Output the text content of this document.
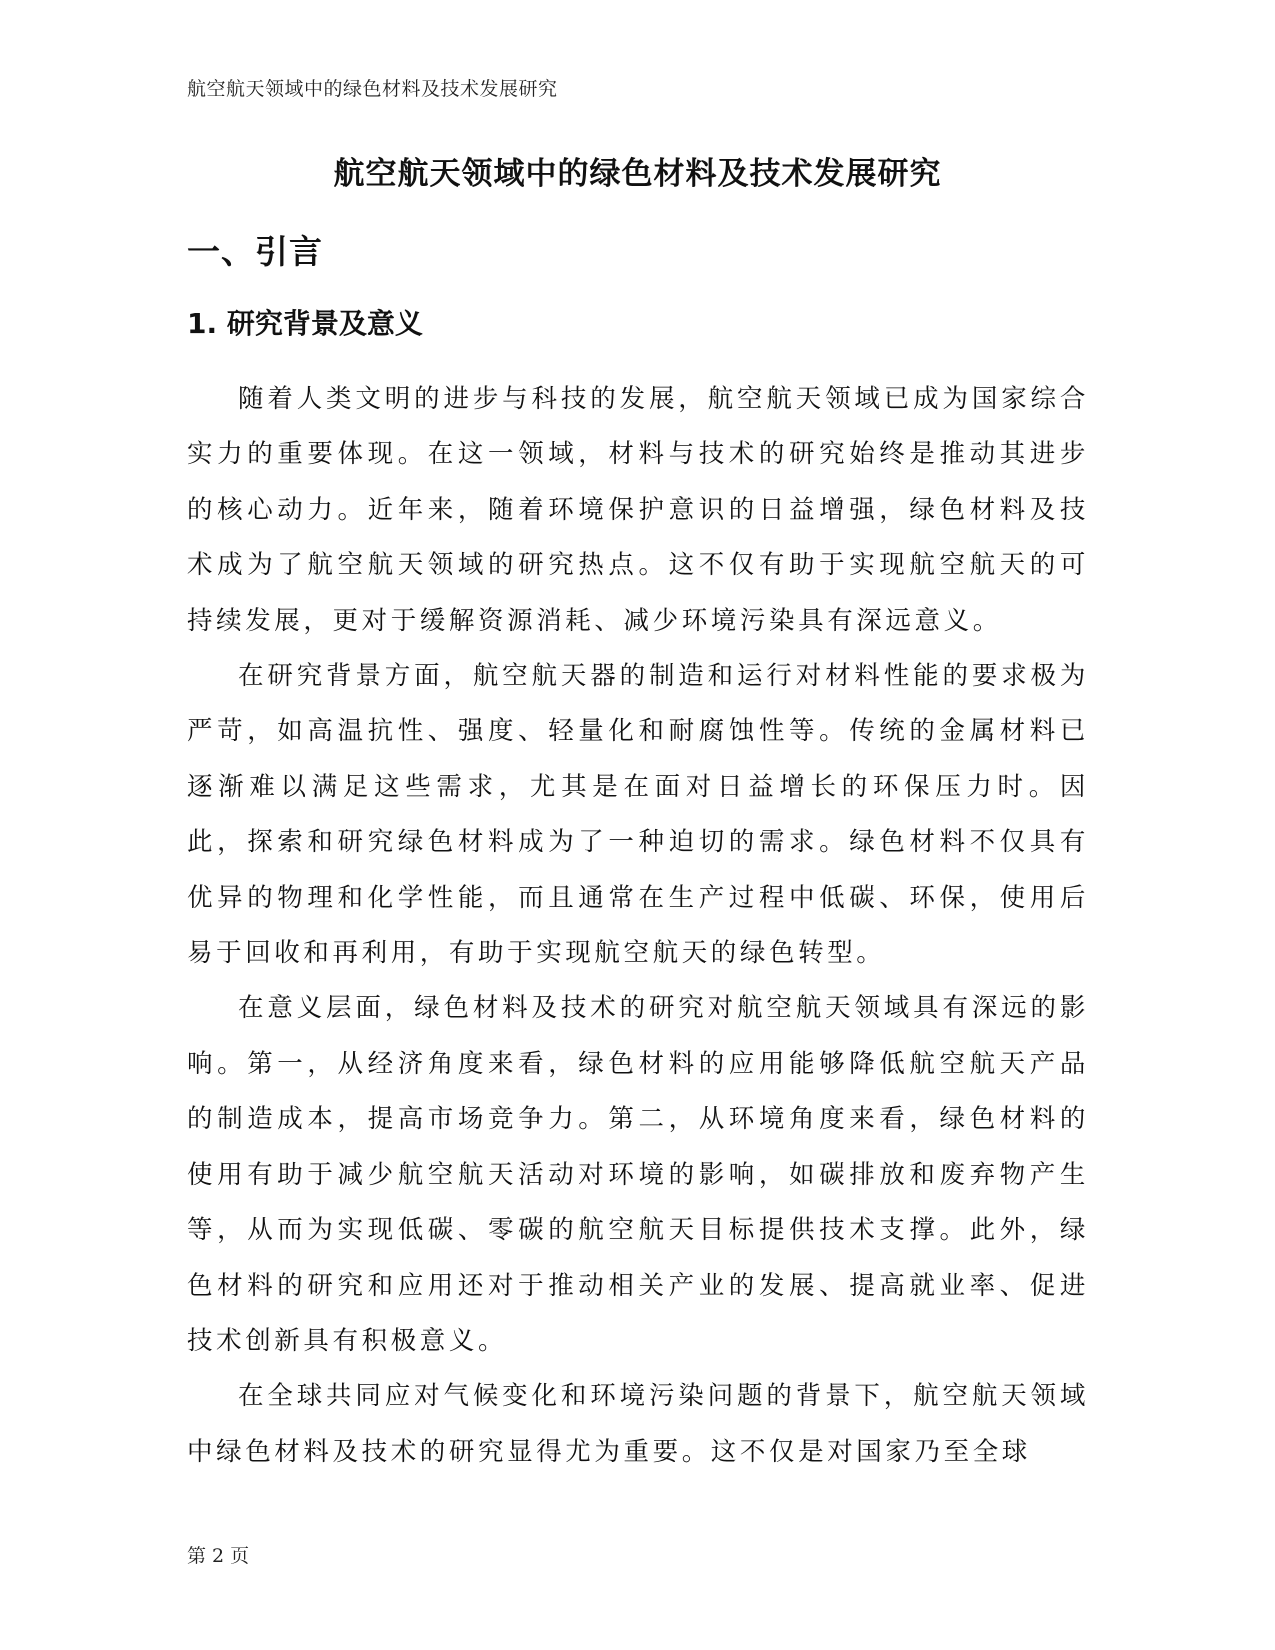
航空航天领域中的绿色材料及技术发展研究
航空航天领域中的绿色材料及技术发展研究
一、引言
1. 研究背景及意义

随着人类文明的进步与科技的发展，航空航天领域已成为国家综合实力的重要体现。在这一领域，材料与技术的研究始终是推动其进步的核心动力。近年来，随着环境保护意识的日益增强，绿色材料及技术成为了航空航天领域的研究热点。这不仅有助于实现航空航天的可持续发展，更对于缓解资源消耗、减少环境污染具有深远意义。

在研究背景方面，航空航天器的制造和运行对材料性能的要求极为严苛，如高温抗性、强度、轻量化和耐腐蚀性等。传统的金属材料已逐渐难以满足这些需求，尤其是在面对日益增长的环保压力时。因此，探索和研究绿色材料成为了一种迫切的需求。绿色材料不仅具有优异的物理和化学性能，而且通常在生产过程中低碳、环保，使用后易于回收和再利用，有助于实现航空航天的绿色转型。

在意义层面，绿色材料及技术的研究对航空航天领域具有深远的影响。第一，从经济角度来看，绿色材料的应用能够降低航空航天产品的制造成本，提高市场竞争力。第二，从环境角度来看，绿色材料的使用有助于减少航空航天活动对环境的影响，如碳排放和废弃物产生等，从而为实现低碳、零碳的航空航天目标提供技术支撑。此外，绿色材料的研究和应用还对于推动相关产业的发展、提高就业率、促进技术创新具有积极意义。

在全球共同应对气候变化和环境污染问题的背景下，航空航天领域中绿色材料及技术的研究显得尤为重要。这不仅是对国家乃至全球

第 2 页
